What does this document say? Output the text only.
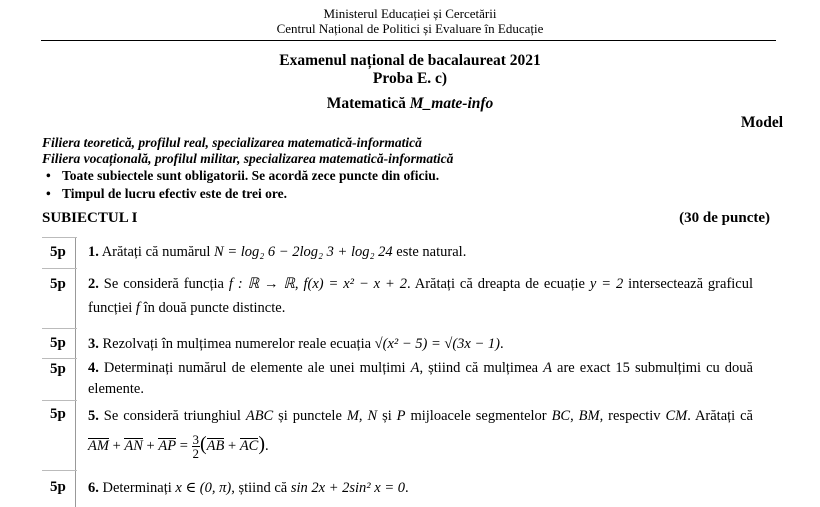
Ministerul Educației și Cercetării
Centrul Național de Politici și Evaluare în Educație
Examenul național de bacalaureat 2021
Proba E. c)
Matematică M_mate-info
Model
Filiera teoretică, profilul real, specializarea matematică-informatică
Filiera vocațională, profilul militar, specializarea matematică-informatică
• Toate subiectele sunt obligatorii. Se acordă zece puncte din oficiu.
• Timpul de lucru efectiv este de trei ore.
SUBIECTUL I	(30 de puncte)
5p 1. Arătați că numărul N = log₂ 6 − 2log₂ 3 + log₂ 24 este natural.
5p 2. Se consideră funcția f : ℝ → ℝ, f(x) = x² − x + 2. Arătați că dreapta de ecuație y = 2 intersectează graficul funcției f în două puncte distincte.
5p 3. Rezolvați în mulțimea numerelor reale ecuația √(x² − 5) = √(3x − 1).
5p 4. Determinați numărul de elemente ale unei mulțimi A, știind că mulțimea A are exact 15 submulțimi cu două elemente.
5p 5. Se consideră triunghiul ABC și punctele M, N și P mijloacele segmentelor BC, BM, respectiv CM. Arătați că AM + AN + AP = $\frac{3}{2} (AB + AC)$.
5p 6. Determinați x ∈ (0, π), știind că sin 2x + 2sin² x = 0.
